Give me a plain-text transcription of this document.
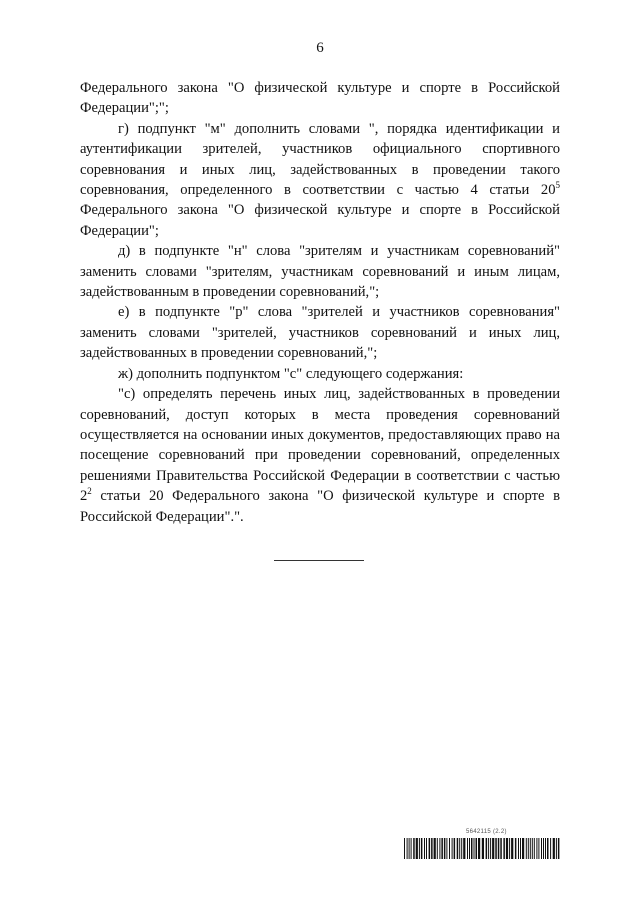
6

Федерального закона "О физической культуре и спорте в Российской Федерации";";

г) подпункт "м" дополнить словами ", порядка идентификации и аутентификации зрителей, участников официального спортивного соревнования и иных лиц, задействованных в проведении такого соревнования, определенного в соответствии с частью 4 статьи $20^5$ Федерального закона "О физической культуре и спорте в Российской Федерации";

д) в подпункте "н" слова "зрителям и участникам соревнований" заменить словами "зрителям, участникам соревнований и иным лицам, задействованным в проведении соревнований,";

е) в подпункте "р" слова "зрителей и участников соревнования" заменить словами "зрителей, участников соревнований и иных лиц, задействованных в проведении соревнований,";

ж) дополнить подпунктом "с" следующего содержания:

"с) определять перечень иных лиц, задействованных в проведении соревнований, доступ которых в места проведения соревнований осуществляется на основании иных документов, предоставляющих право на посещение соревнований при проведении соревнований, определенных решениями Правительства Российской Федерации в соответствии с частью $2^2$ статьи 20 Федерального закона "О физической культуре и спорте в Российской Федерации".".

5642115 (2.2)
